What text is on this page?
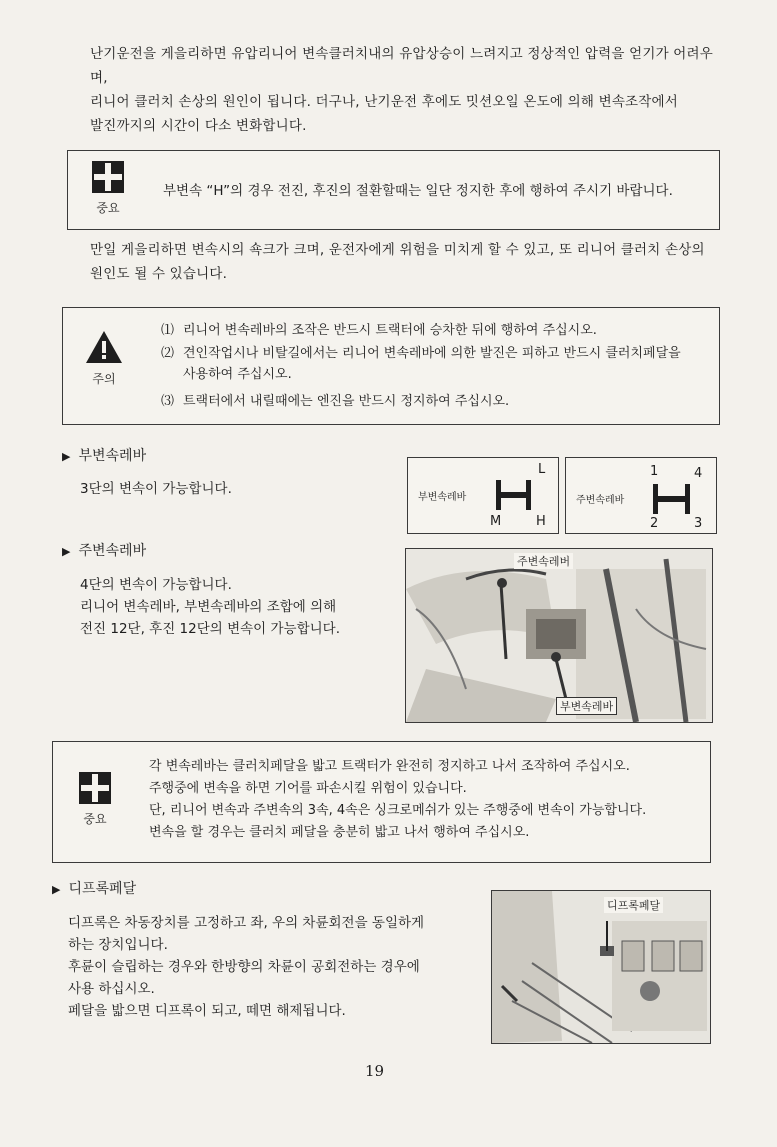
난기운전을 게을리하면 유압리니어 변속클러치내의 유압상승이 느려지고 정상적인 압력을 얻기가 어려우며,
리니어 클러치 손상의 원인이 됩니다. 더구나, 난기운전 후에도 밋션오일 온도에 의해 변속조작에서
발진까지의 시간이 다소 변화합니다.
중요
부변속 “H”의 경우 전진, 후진의 절환할때는 일단 정지한 후에 행하여 주시기 바랍니다.
만일 게을리하면 변속시의 쇽크가 크며, 운전자에게 위험을 미치게 할 수 있고, 또 리니어 클러치 손상의
원인도 될 수 있습니다.
주의
⑴ 리니어 변속레바의 조작은 반드시 트랙터에 승차한 뒤에 행하여 주십시오.
⑵ 견인작업시나 비탈길에서는 리니어 변속레바에 의한 발진은 피하고 반드시 클러치페달을
사용하여 주십시오.
⑶ 트랙터에서 내릴때에는 엔진을 반드시 정지하여 주십시오.
▶ 부변속레바
3단의 변속이 가능합니다.
부변속레바
L
M	H
주변속레바
1	4
2	3
▶ 주변속레바
4단의 변속이 가능합니다.
리니어 변속레바, 부변속레바의 조합에 의해
전진 12단, 후진 12단의 변속이 가능합니다.
주변속레버
부변속레바
중요
각 변속레바는 클러치페달을 밟고 트랙터가 완전히 정지하고 나서 조작하여 주십시오.
주행중에 변속을 하면 기어를 파손시킬 위험이 있습니다.
단, 리니어 변속과 주변속의 3속, 4속은 싱크로메쉬가 있는 주행중에 변속이 가능합니다.
변속을 할 경우는 클러치 페달을 충분히 밟고 나서 행하여 주십시오.
▶ 디프록페달
디프록은 차동장치를 고정하고 좌, 우의 차륜회전을 동일하게
하는 장치입니다.
후륜이 슬립하는 경우와 한방향의 차륜이 공회전하는 경우에
사용 하십시오.
페달을 밟으면 디프록이 되고, 떼면 해제됩니다.
디프록페달
19
